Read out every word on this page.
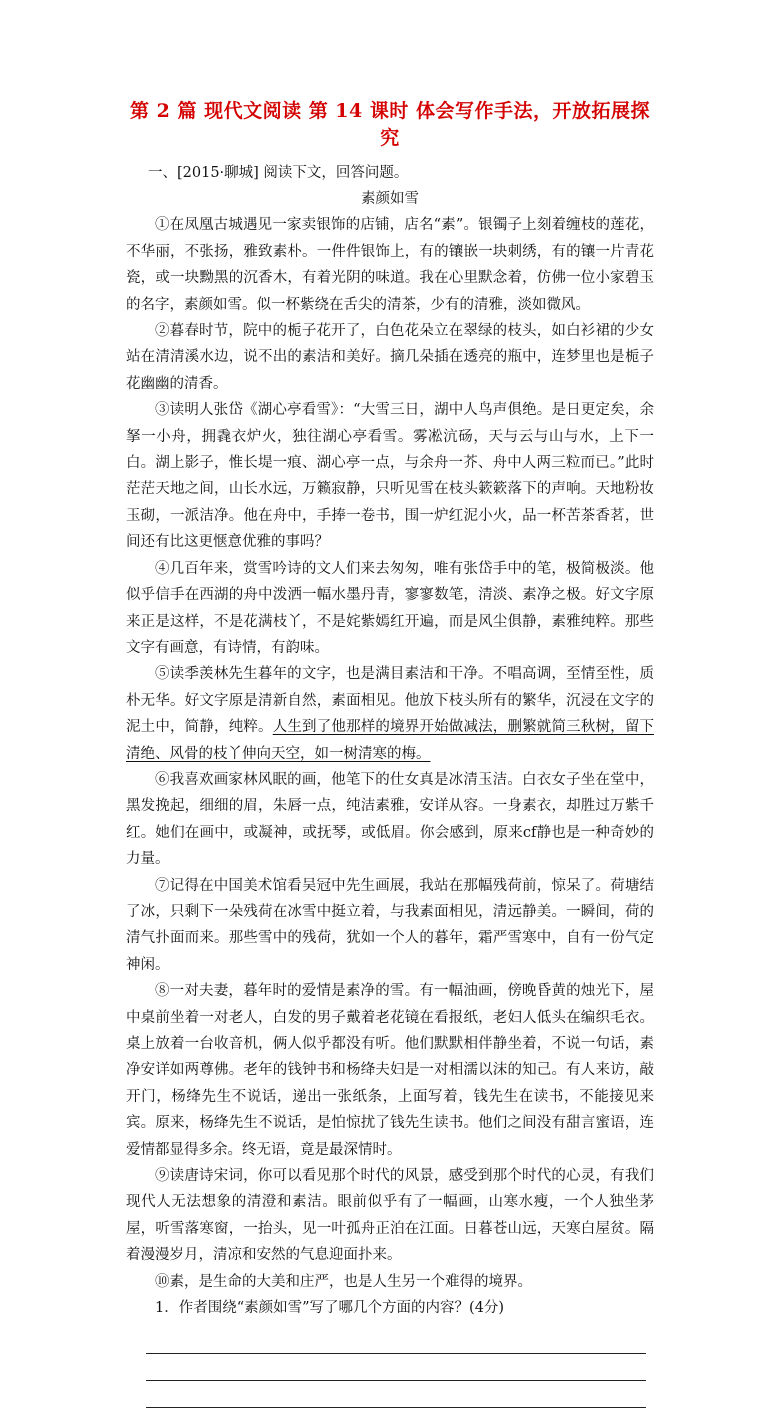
第 2 篇 现代文阅读 第 14 课时 体会写作手法，开放拓展探究

一、[2015·聊城] 阅读下文，回答问题。

素颜如雪

①在凤凰古城遇见一家卖银饰的店铺，店名“素”。银镯子上刻着缠枝的莲花，不华丽，不张扬，雅致素朴。一件件银饰上，有的镶嵌一块刺绣，有的镶一片青花瓷，或一块黝黑的沉香木，有着光阴的味道。我在心里默念着，仿佛一位小家碧玉的名字，素颜如雪。似一杯紫绕在舌尖的清茶，少有的清雅，淡如微风。

②暮春时节，院中的栀子花开了，白色花朵立在翠绿的枝头，如白衫裙的少女站在清清溪水边，说不出的素洁和美好。摘几朵插在透亮的瓶中，连梦里也是栀子花幽幽的清香。

③读明人张岱《湖心亭看雪》：“大雪三日，湖中人鸟声俱绝。是日更定矣，余拏一小舟，拥毳衣炉火，独往湖心亭看雪。雾凇沆砀，天与云与山与水，上下一白。湖上影子，惟长堤一痕、湖心亭一点，与余舟一芥、舟中人两三粒而已。”此时茫茫天地之间，山长水远，万籁寂静，只听见雪在枝头簌簌落下的声响。天地粉妆玉砌，一派洁净。他在舟中，手捧一卷书，围一炉红泥小火，品一杯苦茶香茗，世间还有比这更惬意优雅的事吗？

④几百年来，赏雪吟诗的文人们来去匆匆，唯有张岱手中的笔，极简极淡。他似乎信手在西湖的舟中泼洒一幅水墨丹青，寥寥数笔，清淡、素净之极。好文字原来正是这样，不是花满枝丫，不是姹紫嫣红开遍，而是风尘俱静，素雅纯粹。那些文字有画意，有诗情，有韵味。

⑤读季羡林先生暮年的文字，也是满目素洁和干净。不唱高调，至情至性，质朴无华。好文字原是清新自然，素面相见。他放下枝头所有的繁华，沉浸在文字的泥土中，简静，纯粹。人生到了他那样的境界开始做减法，删繁就简三秋树，留下清绝、风骨的枝丫伸向天空，如一树清寒的梅。

⑥我喜欢画家林风眠的画，他笔下的仕女真是冰清玉洁。白衣女子坐在堂中，黑发挽起，细细的眉，朱唇一点，纯洁素雅，安详从容。一身素衣，却胜过万紫千红。她们在画中，或凝神，或抚琴，或低眉。你会感到，原来cf静也是一种奇妙的力量。

⑦记得在中国美术馆看吴冠中先生画展，我站在那幅残荷前，惊呆了。荷塘结了冰，只剩下一朵残荷在冰雪中挺立着，与我素面相见，清远静美。一瞬间，荷的清气扑面而来。那些雪中的残荷，犹如一个人的暮年，霜严雪寒中，自有一份气定神闲。

⑧一对夫妻，暮年时的爱情是素净的雪。有一幅油画，傍晚昏黄的烛光下，屋中桌前坐着一对老人，白发的男子戴着老花镜在看报纸，老妇人低头在编织毛衣。桌上放着一台收音机，俩人似乎都没有听。他们默默相伴静坐着，不说一句话，素净安详如两尊佛。老年的钱钟书和杨绛夫妇是一对相濡以沫的知己。有人来访，敲开门，杨绛先生不说话，递出一张纸条，上面写着，钱先生在读书，不能接见来宾。原来，杨绛先生不说话，是怕惊扰了钱先生读书。他们之间没有甜言蜜语，连爱情都显得多余。终无语，竟是最深情时。

⑨读唐诗宋词，你可以看见那个时代的风景，感受到那个时代的心灵，有我们现代人无法想象的清澄和素洁。眼前似乎有了一幅画，山寒水瘦，一个人独坐茅屋，听雪落寒窗，一抬头，见一叶孤舟正泊在江面。日暮苍山远，天寒白屋贫。隔着漫漫岁月，清凉和安然的气息迎面扑来。

⑩素，是生命的大美和庄严，也是人生另一个难得的境界。

1．作者围绕“素颜如雪”写了哪几个方面的内容？(4分)
